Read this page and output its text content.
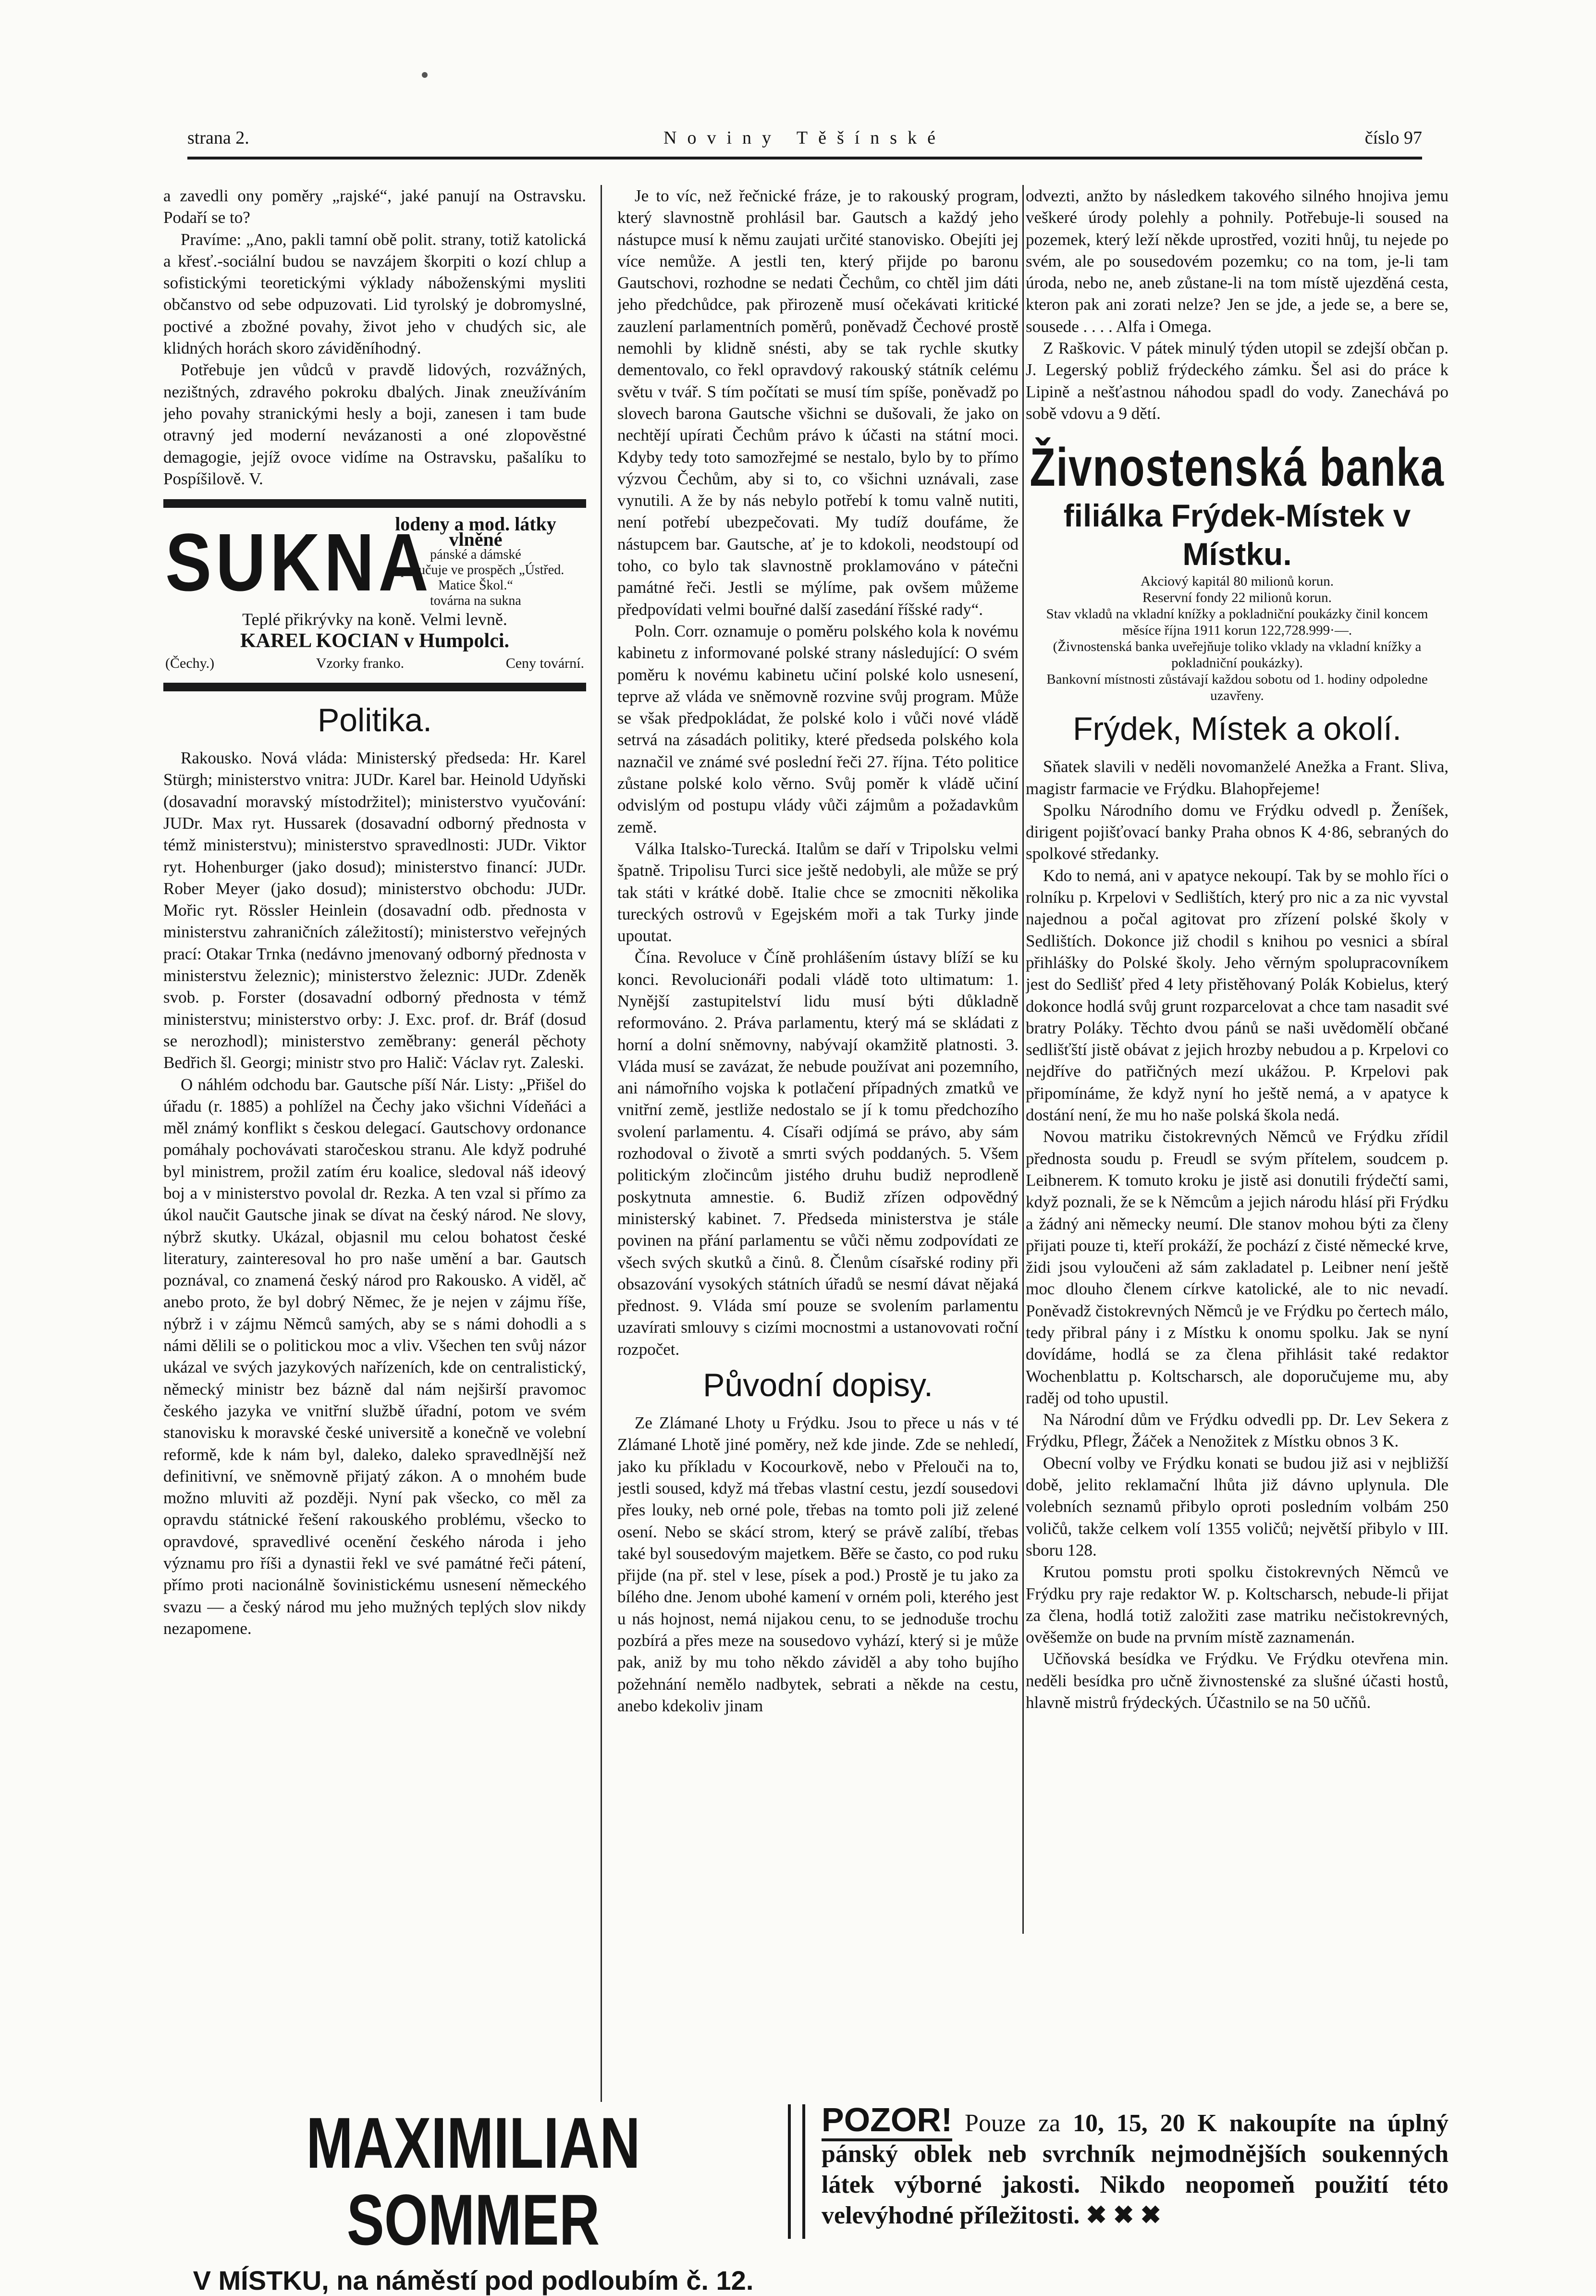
strana 2.	Noviny Těšínské	číslo 97

a zavedli ony poměry „rajské“, jaké panují na Ostravsku. Podaří se to?

Pravíme: „Ano, pakli tamní obě polit. strany, totiž katolická a křesť.-sociální budou se navzájem škorpiti o kozí chlup a sofistickými teoretickými výklady náboženskými mysliti občanstvo od sebe odpuzovati. Lid tyrolský je dobromyslné, poctivé a zbožné povahy, život jeho v chudých sic, ale klidných horách skoro záviděníhodný.

Potřebuje jen vůdců v pravdě lidových, rozvážných, nezištných, zdravého pokroku dbalých. Jinak zneužíváním jeho povahy stranickými hesly a boji, zanesen i tam bude otravný jed moderní nevázanosti a oné zlopověstné demagogie, jejíž ovoce vidíme na Ostravsku, pašalíku to Pospíšilově. V.

SUKNA
lodeny a mod. látky vlněné
pánské a dámské
doporučuje ve prospěch „Ústřed. Matice Škol.“
továrna na sukna
Teplé přikrývky na koně. Velmi levně.
KAREL KOCIAN v Humpolci.
(Čechy.)	Vzorky franko.	Ceny tovární.
Politika.

Rakousko. Nová vláda: Ministerský předseda: Hr. Karel Stürgh; ministerstvo vnitra: JUDr. Karel bar. Heinold Udyňski (dosavadní moravský místodržitel); ministerstvo vyučování: JUDr. Max ryt. Hussarek (dosavadní odborný přednosta v témž ministerstvu); ministerstvo spravedlnosti: JUDr. Viktor ryt. Hohenburger (jako dosud); ministerstvo financí: JUDr. Rober Meyer (jako dosud); ministerstvo obchodu: JUDr. Mořic ryt. Rössler Heinlein (dosavadní odb. přednosta v ministerstvu zahraničních záležitostí); ministerstvo veřejných prací: Otakar Trnka (nedávno jmenovaný odborný přednosta v ministerstvu železnic); ministerstvo železnic: JUDr. Zdeněk svob. p. Forster (dosavadní odborný přednosta v témž ministerstvu; ministerstvo orby: J. Exc. prof. dr. Bráf (dosud se nerozhodl); ministerstvo zeměbrany: generál pěchoty Bedřich šl. Georgi; ministr stvo pro Halič: Václav ryt. Zaleski.

O náhlém odchodu bar. Gautsche píší Nár. Listy: „Přišel do úřadu (r. 1885) a pohlížel na Čechy jako všichni Vídeňáci a měl známý konflikt s českou delegací. Gautschovy ordonance pomáhaly pochovávati staročeskou stranu. Ale když podruhé byl ministrem, prožil zatím éru koalice, sledoval náš ideový boj a v ministerstvo povolal dr. Rezka. A ten vzal si přímo za úkol naučit Gautsche jinak se dívat na český národ. Ne slovy, nýbrž skutky. Ukázal, objasnil mu celou bohatost české literatury, zainteresoval ho pro naše umění a bar. Gautsch poznával, co znamená český národ pro Rakousko. A viděl, ač anebo proto, že byl dobrý Němec, že je nejen v zájmu říše, nýbrž i v zájmu Němců samých, aby se s námi dohodli a s námi dělili se o politickou moc a vliv. Všechen ten svůj názor ukázal ve svých jazykových nařízeních, kde on centralistický, německý ministr bez bázně dal nám nejširší pravomoc českého jazyka ve vnitřní službě úřadní, potom ve svém stanovisku k moravské české universitě a konečně ve volební reformě, kde k nám byl, daleko, daleko spravedlnější než definitivní, ve sněmovně přijatý zákon. A o mnohém bude možno mluviti až později. Nyní pak všecko, co měl za opravdu státnické řešení rakouského problému, všecko to opravdové, spravedlivé ocenění českého národa i jeho významu pro říši a dynastii řekl ve své památné řeči pátení, přímo proti nacionálně šovinistickému usnesení německého svazu — a český národ mu jeho mužných teplých slov nikdy nezapomene.

Je to víc, než řečnické fráze, je to rakouský program, který slavnostně prohlásil bar. Gautsch a každý jeho nástupce musí k němu zaujati určité stanovisko. Obejíti jej více nemůže. A jestli ten, který přijde po baronu Gautschovi, rozhodne se nedati Čechům, co chtěl jim dáti jeho předchůdce, pak přirozeně musí očekávati kritické zauzlení parlamentních poměrů, poněvadž Čechové prostě nemohli by klidně snésti, aby se tak rychle skutky dementovalo, co řekl opravdový rakouský státník celému světu v tvář. S tím počítati se musí tím spíše, poněvadž po slovech barona Gautsche všichni se dušovali, že jako on nechtějí upírati Čechům právo k účasti na státní moci. Kdyby tedy toto samozřejmé se nestalo, bylo by to přímo výzvou Čechům, aby si to, co všichni uznávali, zase vynutili. A že by nás nebylo potřebí k tomu valně nutiti, není potřebí ubezpečovati. My tudíž doufáme, že nástupcem bar. Gautsche, ať je to kdokoli, neodstoupí od toho, co bylo tak slavnostně proklamováno v pátečni památné řeči. Jestli se mýlíme, pak ovšem můžeme předpovídati velmi bouřné další zasedání říšské rady“.

Poln. Corr. oznamuje o poměru polského kola k novému kabinetu z informované polské strany následující: O svém poměru k novému kabinetu učiní polské kolo usnesení, teprve až vláda ve sněmovně rozvine svůj program. Může se však předpokládat, že polské kolo i vůči nové vládě setrvá na zásadách politiky, které předseda polského kola naznačil ve známé své poslední řeči 27. října. Této politice zůstane polské kolo věrno. Svůj poměr k vládě učiní odvislým od postupu vlády vůči zájmům a požadavkům země.

Válka Italsko-Turecká. Italům se daří v Tripolsku velmi špatně. Tripolisu Turci sice ještě nedobyli, ale může se prý tak státi v krátké době. Italie chce se zmocniti několika tureckých ostrovů v Egejském moři a tak Turky jinde upoutat.

Čína. Revoluce v Číně prohlášením ústavy blíží se ku konci. Revolucionáři podali vládě toto ultimatum: 1. Nynější zastupitelství lidu musí býti důkladně reformováno. 2. Práva parlamentu, který má se skládati z horní a dolní sněmovny, nabývají okamžitě platnosti. 3. Vláda musí se zavázat, že nebude používat ani pozemního, ani námořního vojska k potlačení případných zmatků ve vnitřní země, jestliže nedostalo se jí k tomu předchozího svolení parlamentu. 4. Císaři odjímá se právo, aby sám rozhodoval o životě a smrti svých poddaných. 5. Všem politickým zločincům jistého druhu budiž neprodleně poskytnuta amnestie. 6. Budiž zřízen odpovědný ministerský kabinet. 7. Předseda ministerstva je stále povinen na přání parlamentu se vůči němu zodpovídati ze všech svých skutků a činů. 8. Členům císařské rodiny při obsazování vysokých státních úřadů se nesmí dávat nějaká přednost. 9. Vláda smí pouze se svolením parlamentu uzavírati smlouvy s cizími mocnostmi a ustanovovati roční rozpočet.

Původní dopisy.

Ze Zlámané Lhoty u Frýdku. Jsou to přece u nás v té Zlámané Lhotě jiné poměry, než kde jinde. Zde se nehledí, jako ku příkladu v Kocourkově, nebo v Přelouči na to, jestli soused, když má třebas vlastní cestu, jezdí sousedovi přes louky, neb orné pole, třebas na tomto poli již zelené osení. Nebo se skácí strom, který se právě zalíbí, třebas také byl sousedovým majetkem. Běře se často, co pod ruku přijde (na př. stel v lese, písek a pod.) Prostě je tu jako za bílého dne. Jenom ubohé kamení v orném poli, kterého jest u nás hojnost, nemá nijakou cenu, to se jednoduše trochu pozbírá a přes meze na sousedovo vyhází, který si je může pak, aniž by mu toho někdo záviděl a aby toho bujího požehnání nemělo nadbytek, sebrati a někde na cestu, anebo kdekoliv jinam

odvezti, anžto by následkem takového silného hnojiva jemu veškeré úrody polehly a pohnily. Potřebuje-li soused na pozemek, který leží někde uprostřed, voziti hnůj, tu nejede po svém, ale po sousedovém pozemku; co na tom, je-li tam úroda, nebo ne, aneb zůstane-li na tom místě ujezděná cesta, kteron pak ani zorati nelze? Jen se jde, a jede se, a bere se, sousede . . . . Alfa i Omega.

Z Raškovic. V pátek minulý týden utopil se zdejší občan p. J. Legerský pobliž frýdeckého zámku. Šel asi do práce k Lipině a nešťastnou náhodou spadl do vody. Zanechává po sobě vdovu a 9 dětí.

Živnostenská banka
filiálka Frýdek-Místek v Místku.
Akciový kapitál 80 milionů korun.
Reservní fondy 22 milionů korun.
Stav vkladů na vkladní knížky a pokladniční poukázky činil koncem měsíce října 1911 korun 122,728.999·—.
(Živnostenská banka uveřejňuje toliko vklady na vkladní knížky a pokladniční poukázky).
Bankovní místnosti zůstávají každou sobotu od 1. hodiny odpoledne uzavřeny.
Frýdek, Místek a okolí.

Sňatek slavili v neděli novomanželé Anežka a Frant. Sliva, magistr farmacie ve Frýdku. Blahopřejeme!

Spolku Národního domu ve Frýdku odvedl p. Ženíšek, dirigent pojišťovací banky Praha obnos K 4·86, sebraných do spolkové středanky.

Kdo to nemá, ani v apatyce nekoupí. Tak by se mohlo říci o rolníku p. Krpelovi v Sedlištích, který pro nic a za nic vyvstal najednou a počal agitovat pro zřízení polské školy v Sedlištích. Dokonce již chodil s knihou po vesnici a sbíral přihlášky do Polské školy. Jeho věrným spolupracovníkem jest do Sedlišť před 4 lety přistěhovaný Polák Kobielus, který dokonce hodlá svůj grunt rozparcelovat a chce tam nasadit své bratry Poláky. Těchto dvou pánů se naši uvědomělí občané sedlišťští jistě obávat z jejich hrozby nebudou a p. Krpelovi co nejdříve do patřičných mezí ukážou. P. Krpelovi pak připomínáme, že když nyní ho ještě nemá, a v apatyce k dostání není, že mu ho naše polská škola nedá.

Novou matriku čistokrevných Němců ve Frýdku zřídil přednosta soudu p. Freudl se svým přítelem, soudcem p. Leibnerem. K tomuto kroku je jistě asi donutili frýdečtí sami, když poznali, že se k Němcům a jejich národu hlásí při Frýdku a žádný ani německy neumí. Dle stanov mohou býti za členy přijati pouze ti, kteří prokáží, že pochází z čisté německé krve, židi jsou vyloučeni až sám zakladatel p. Leibner není ještě moc dlouho členem církve katolické, ale to nic nevadí. Poněvadž čistokrevných Němců je ve Frýdku po čertech málo, tedy přibral pány i z Místku k onomu spolku. Jak se nyní dovídáme, hodlá se za člena přihlásit také redaktor Wochenblattu p. Koltscharsch, ale doporučujeme mu, aby raděj od toho upustil.

Na Národní dům ve Frýdku odvedli pp. Dr. Lev Sekera z Frýdku, Pflegr, Žáček a Nenožitek z Místku obnos 3 K.

Obecní volby ve Frýdku konati se budou již asi v nejbližší době, jelito reklamační lhůta již dávno uplynula. Dle volebních seznamů přibylo oproti posledním volbám 250 voličů, takže celkem volí 1355 voličů; největší přibylo v III. sboru 128.

Krutou pomstu proti spolku čistokrevných Němců ve Frýdku pry raje redaktor W. p. Koltscharsch, nebude-li přijat za člena, hodlá totiž založiti zase matriku nečistokrevných, ověšemže on bude na prvním místě zaznamenán.

Učňovská besídka ve Frýdku. Ve Frýdku otevřena min. neděli besídka pro učně živnostenské za slušné účasti hostů, hlavně mistrů frýdeckých. Účastnilo se na 50 učňů.

MAXIMILIAN SOMMER
V MÍSTKU, na náměstí pod podloubím č. 12.
POZOR! Pouze za 10, 15, 20 K nakoupíte na úplný pánský oblek neb svrchník nejmodnějších soukenných látek výborné jakosti. Nikdo neopomeň použití této velevýhodné příležitosti. ✖ ✖ ✖
